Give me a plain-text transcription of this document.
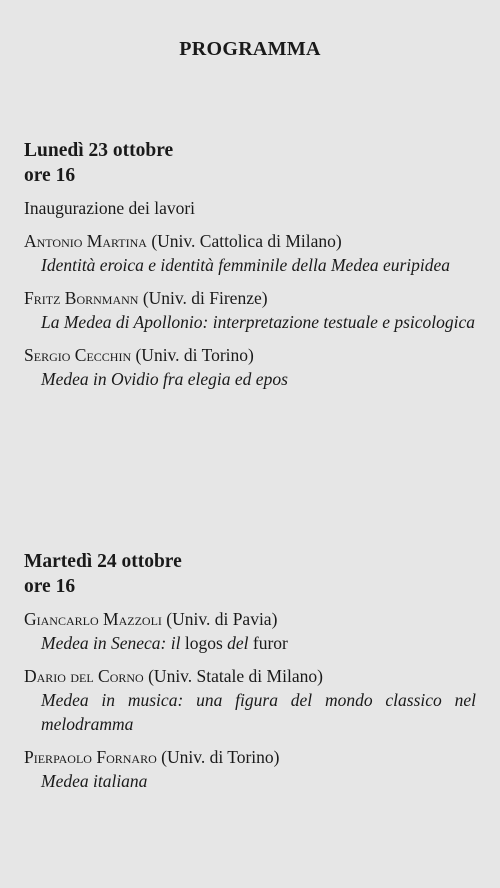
PROGRAMMA
Lunedì 23 ottobre
ore 16
Inaugurazione dei lavori
Antonio Martina (Univ. Cattolica di Milano)
Identità eroica e identità femminile della Medea euripidea
Fritz Bornmann (Univ. di Firenze)
La Medea di Apollonio: interpretazione testuale e psicologica
Sergio Cecchin (Univ. di Torino)
Medea in Ovidio fra elegia ed epos
Martedì 24 ottobre
ore 16
Giancarlo Mazzoli (Univ. di Pavia)
Medea in Seneca: il logos del furor
Dario del Corno (Univ. Statale di Milano)
Medea in musica: una figura del mondo classico nel melodramma
Pierpaolo Fornaro (Univ. di Torino)
Medea italiana
